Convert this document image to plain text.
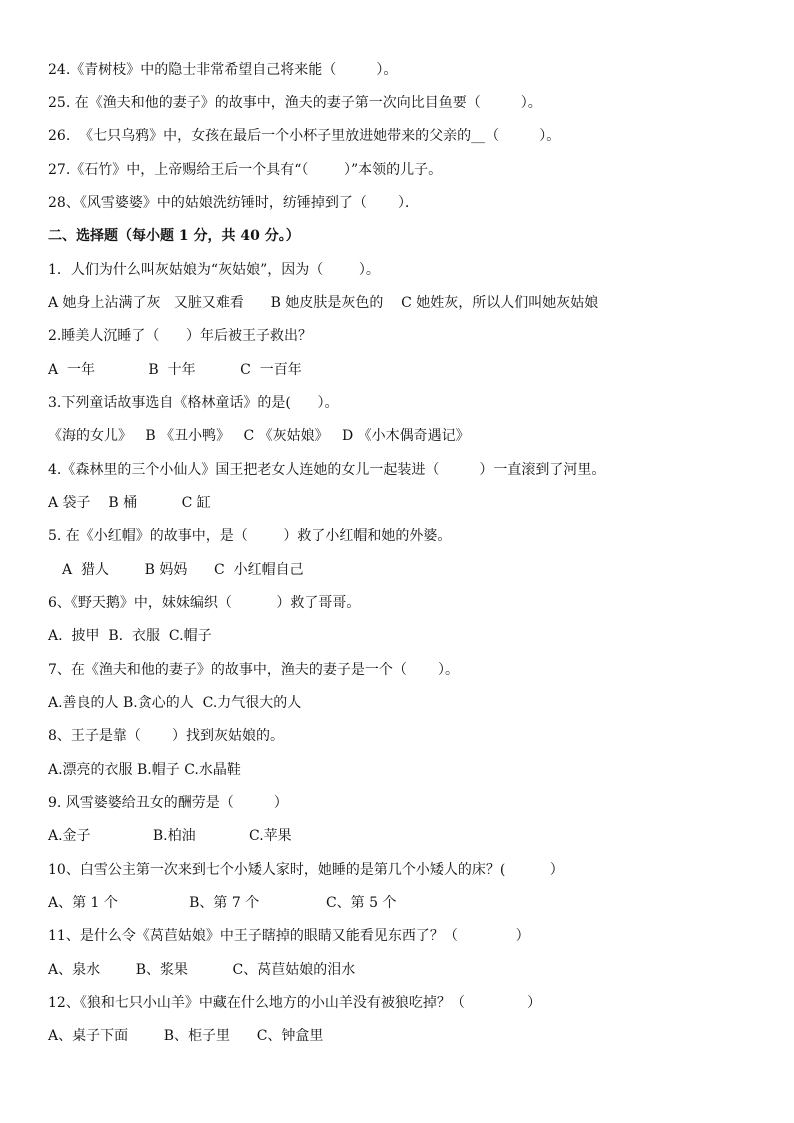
24.《青树枝》中的隐士非常希望自己将来能（         ）。
25. 在《渔夫和他的妻子》的故事中，渔夫的妻子第一次向比目鱼要（         ）。
26.  《七只乌鸦》中，女孩在最后一个小杯子里放进她带来的父亲的__（         ）。
27.《石竹》中，上帝赐给王后一个具有“（        ）”本领的儿子。
28、《风雪婆婆》中的姑娘洗纺锤时，纺锤掉到了（       ）．
二、选择题（每小题 1 分，共 40 分。）
1．人们为什么叫灰姑娘为“灰姑娘”，因为（        ）。
A 她身上沾满了灰   又脏又难看      B 她皮肤是灰色的    C 她姓灰，所以人们叫她灰姑娘
2.睡美人沉睡了（      ）年后被王子救出？
A  一年            B  十年          C  一百年
3.下列童话故事选自《格林童话》的是(      ）。
《海的女儿》   B 《丑小鸭》   C 《灰姑娘》   D 《小木偶奇遇记》
4.《森林里的三个小仙人》国王把老女人连她的女儿一起装进（         ）一直滚到了河里。
A 袋子    B 桶          C 缸
5. 在《小红帽》的故事中，是（        ）救了小红帽和她的外婆。
A  猎人        B 妈妈      C  小红帽自己
6、《野天鹅》中，妹妹编织（          ）救了哥哥。
A.  披甲  B.  衣服  C.帽子
7、在《渔夫和他的妻子》的故事中，渔夫的妻子是一个（       ）。
A.善良的人 B.贪心的人  C.力气很大的人
8、王子是靠（       ）找到灰姑娘的。
A.漂亮的衣服 B.帽子 C.水晶鞋
9. 风雪婆婆给丑女的酬劳是（         ）
A.金子              B.柏油            C.苹果
10、白雪公主第一次来到七个小矮人家时，她睡的是第几个小矮人的床？(          ）
A、第 1 个                B、第 7 个               C、第 5 个
11、是什么令《莴苣姑娘》中王子瞎掉的眼睛又能看见东西了？（             ）
A、泉水        B、浆果          C、莴苣姑娘的泪水
12、《狼和七只小山羊》中藏在什么地方的小山羊没有被狼吃掉？（              ）
A、桌子下面        B、柜子里      C、钟盒里
